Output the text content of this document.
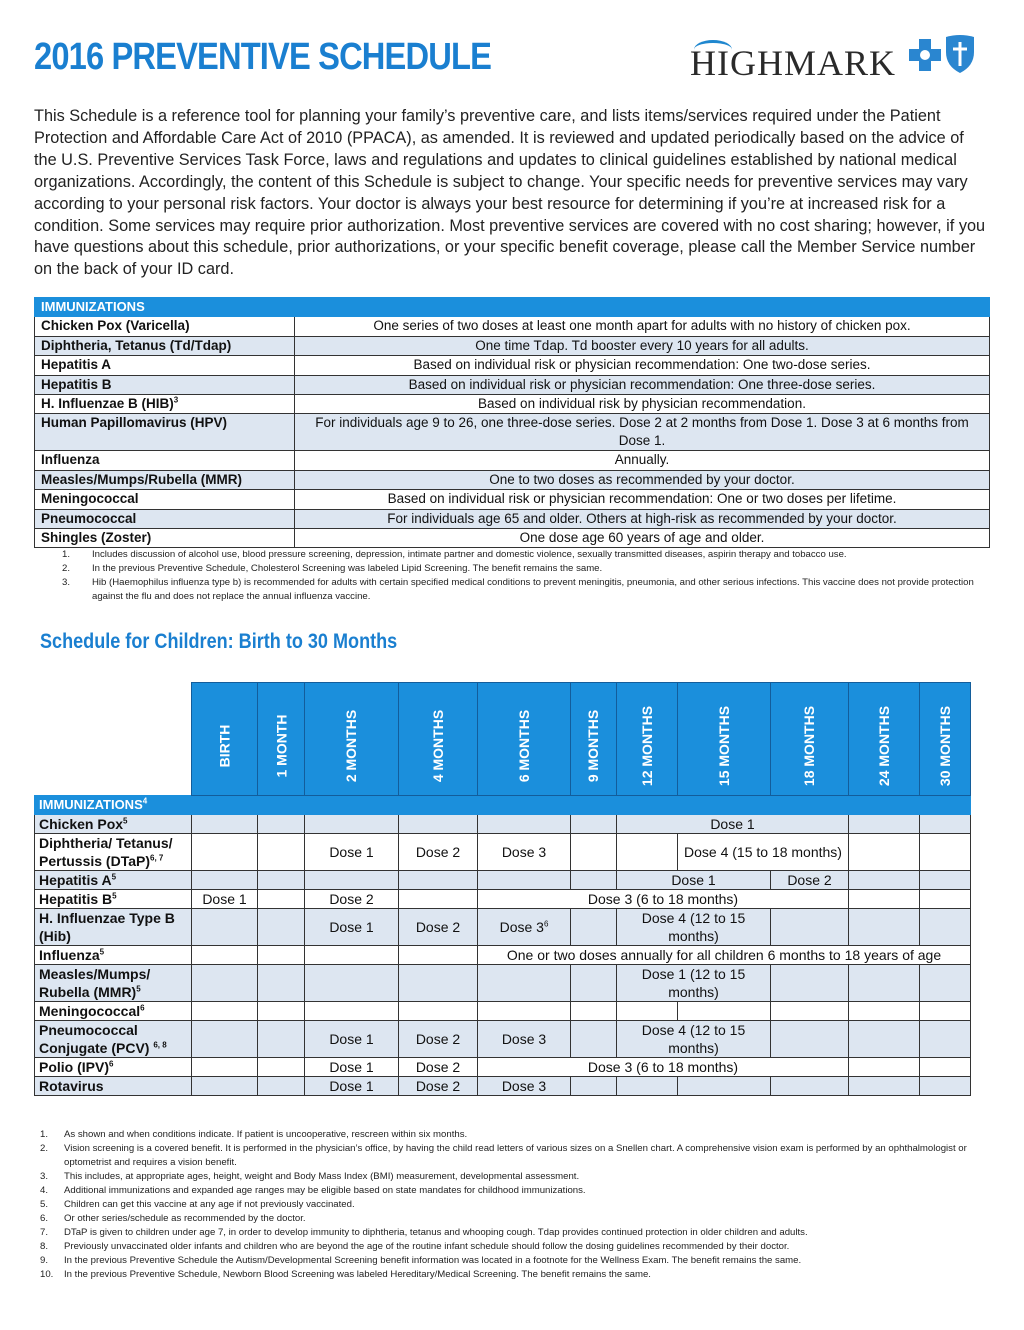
2016 PREVENTIVE SCHEDULE	HIGHMARK

This Schedule is a reference tool for planning your family’s preventive care, and lists items/services required under the Patient Protection and Affordable Care Act of 2010 (PPACA), as amended. It is reviewed and updated periodically based on the advice of the U.S. Preventive Services Task Force, laws and regulations and updates to clinical guidelines established by national medical organizations. Accordingly, the content of this Schedule is subject to change. Your specific needs for preventive services may vary according to your personal risk factors. Your doctor is always your best resource for determining if you’re at increased risk for a condition. Some services may require prior authorization. Most preventive services are covered with no cost sharing; however, if you have questions about this schedule, prior authorizations, or your specific benefit coverage, please call the Member Service number on the back of your ID card.

IMMUNIZATIONS	
Chicken Pox (Varicella)	One series of two doses at least one month apart for adults with no history of chicken pox.
Diphtheria, Tetanus (Td/Tdap)	One time Tdap. Td booster every 10 years for all adults.
Hepatitis A	Based on individual risk or physician recommendation: One two-dose series.
Hepatitis B	Based on individual risk or physician recommendation: One three-dose series.
H. Influenzae B (HIB)$^3$	Based on individual risk by physician recommendation.
Human Papillomavirus (HPV)	For individuals age 9 to 26, one three-dose series. Dose 2 at 2 months from Dose 1. Dose 3 at 6 months from Dose 1.
Influenza	Annually.
Measles/Mumps/Rubella (MMR)	One to two doses as recommended by your doctor.
Meningococcal	Based on individual risk or physician recommendation: One or two doses per lifetime.
Pneumococcal	For individuals age 65 and older. Others at high-risk as recommended by your doctor.
Shingles (Zoster)	One dose age 60 years of age and older.
1. Includes discussion of alcohol use, blood pressure screening, depression, intimate partner and domestic violence, sexually transmitted diseases, aspirin therapy and tobacco use.
2. In the previous Preventive Schedule, Cholesterol Screening was labeled Lipid Screening. The benefit remains the same.
3. Hib (Haemophilus influenza type b) is recommended for adults with certain specified medical conditions to prevent meningitis, pneumonia, and other serious infections. This vaccine does not provide protection against the flu and does not replace the annual influenza vaccine.
Schedule for Children: Birth to 30 Months

	BIRTH	1 MONTH	2 MONTHS	4 MONTHS	6 MONTHS	9 MONTHS	12 MONTHS	15 MONTHS	18 MONTHS	24 MONTHS	30 MONTHS

IMMUNIZATIONS$^4$
Chicken Pox$^5$							Dose 1				
Diphtheria/ Tetanus/ Pertussis (DTaP)$^{6, 7}$			Dose 1	Dose 2	Dose 3			Dose 4 (15 to 18 months)			
Hepatitis $A^5$							Dose 1		Dose 2		
Hepatitis $B^5$	Dose 1		Dose 2		Dose 3 (6 to 18 months)						
H. Influenzae Type B (Hib)			Dose 1	Dose 2	Dose $3^6$		Dose 4 (12 to 15 months)				
Influenza$^5$					One or two doses annually for all children 6 months to 18 years of age						
Measles/Mumps/ Rubella (MMR)$^5$							Dose 1 (12 to 15 months)				
Meningococcal$^6$											
Pneumococcal Conjugate (PCV) $^{6, 8}$			Dose 1	Dose 2	Dose 3		Dose 4 (12 to 15 months)				
Polio (IPV)$^6$			Dose 1	Dose 2	Dose 3 (6 to 18 months)						
Rotavirus			Dose 1	Dose 2	Dose 3						
1. As shown and when conditions indicate. If patient is uncooperative, rescreen within six months.
2. Vision screening is a covered benefit. It is performed in the physician’s office, by having the child read letters of various sizes on a Snellen chart. A comprehensive vision exam is performed by an ophthalmologist or optometrist and requires a vision benefit.
3. This includes, at appropriate ages, height, weight and Body Mass Index (BMI) measurement, developmental assessment.
4. Additional immunizations and expanded age ranges may be eligible based on state mandates for childhood immunizations.
5. Children can get this vaccine at any age if not previously vaccinated.
6. Or other series/schedule as recommended by the doctor.
7. DTaP is given to children under age 7, in order to develop immunity to diphtheria, tetanus and whooping cough. Tdap provides continued protection in older children and adults.
8. Previously unvaccinated older infants and children who are beyond the age of the routine infant schedule should follow the dosing guidelines recommended by their doctor.
9. In the previous Preventive Schedule the Autism/Developmental Screening benefit information was located in a footnote for the Wellness Exam. The benefit remains the same.
10. In the previous Preventive Schedule, Newborn Blood Screening was labeled Hereditary/Medical Screening. The benefit remains the same.
